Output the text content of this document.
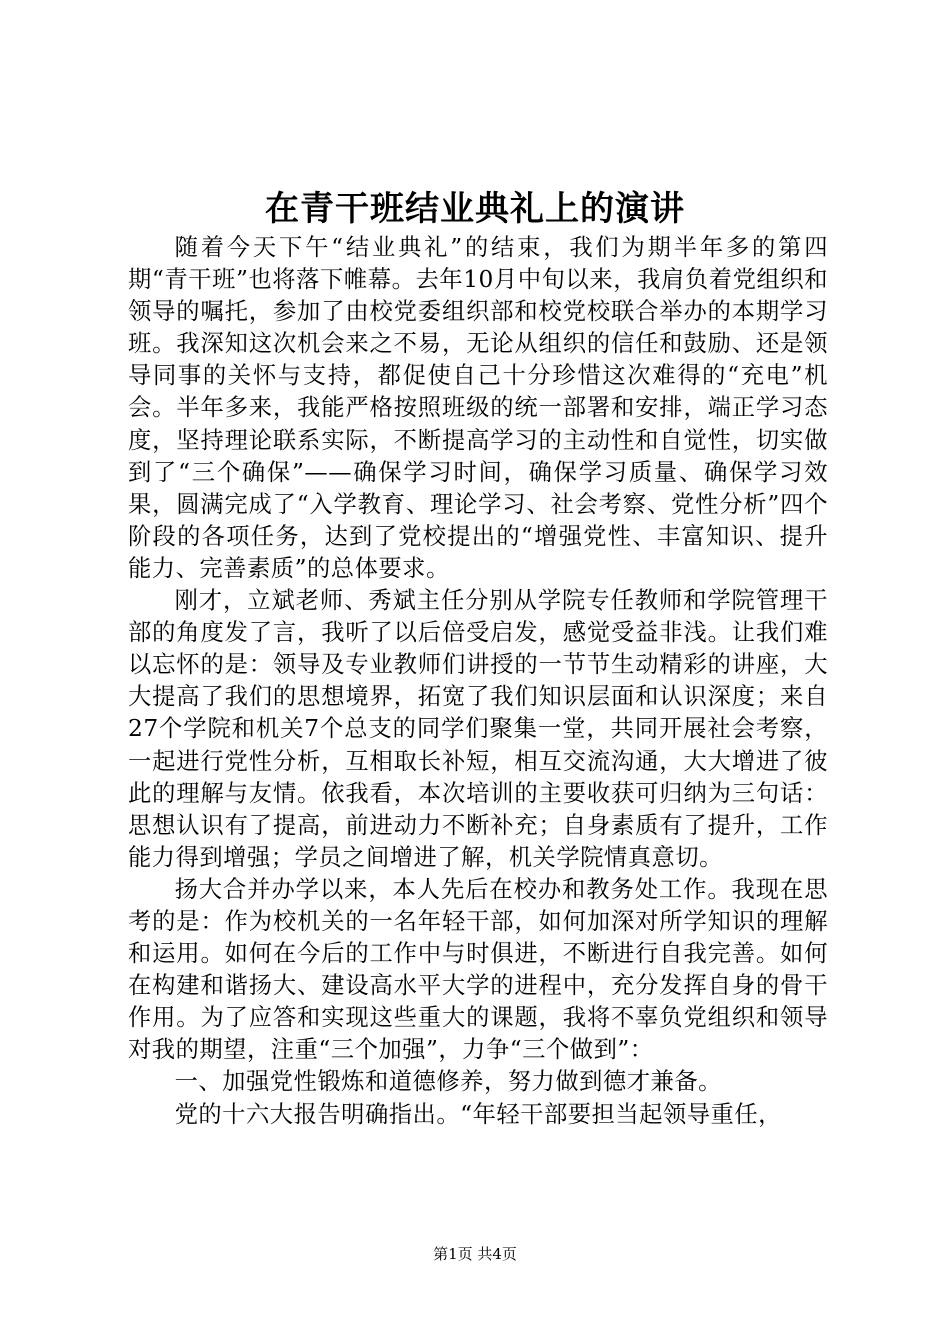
在青干班结业典礼上的演讲

随着今天下午“结业典礼”的结束，我们为期半年多的第四期“青干班”也将落下帷幕。去年10月中旬以来，我肩负着党组织和领导的嘱托，参加了由校党委组织部和校党校联合举办的本期学习班。我深知这次机会来之不易，无论从组织的信任和鼓励、还是领导同事的关怀与支持，都促使自己十分珍惜这次难得的“充电”机会。半年多来，我能严格按照班级的统一部署和安排，端正学习态度，坚持理论联系实际，不断提高学习的主动性和自觉性，切实做到了“三个确保”——确保学习时间，确保学习质量、确保学习效果，圆满完成了“入学教育、理论学习、社会考察、党性分析”四个阶段的各项任务，达到了党校提出的“增强党性、丰富知识、提升能力、完善素质”的总体要求。

刚才，立斌老师、秀斌主任分别从学院专任教师和学院管理干部的角度发了言，我听了以后倍受启发，感觉受益非浅。让我们难以忘怀的是：领导及专业教师们讲授的一节节生动精彩的讲座，大大提高了我们的思想境界，拓宽了我们知识层面和认识深度；来自27个学院和机关7个总支的同学们聚集一堂，共同开展社会考察，一起进行党性分析，互相取长补短，相互交流沟通，大大增进了彼此的理解与友情。依我看，本次培训的主要收获可归纳为三句话：思想认识有了提高，前进动力不断补充；自身素质有了提升，工作能力得到增强；学员之间增进了解，机关学院情真意切。

扬大合并办学以来，本人先后在校办和教务处工作。我现在思考的是：作为校机关的一名年轻干部，如何加深对所学知识的理解和运用。如何在今后的工作中与时俱进，不断进行自我完善。如何在构建和谐扬大、建设高水平大学的进程中，充分发挥自身的骨干作用。为了应答和实现这些重大的课题，我将不辜负党组织和领导对我的期望，注重“三个加强”，力争“三个做到”：

一、加强党性锻炼和道德修养，努力做到德才兼备。

党的十六大报告明确指出。“年轻干部要担当起领导重任，

第1页 共4页
